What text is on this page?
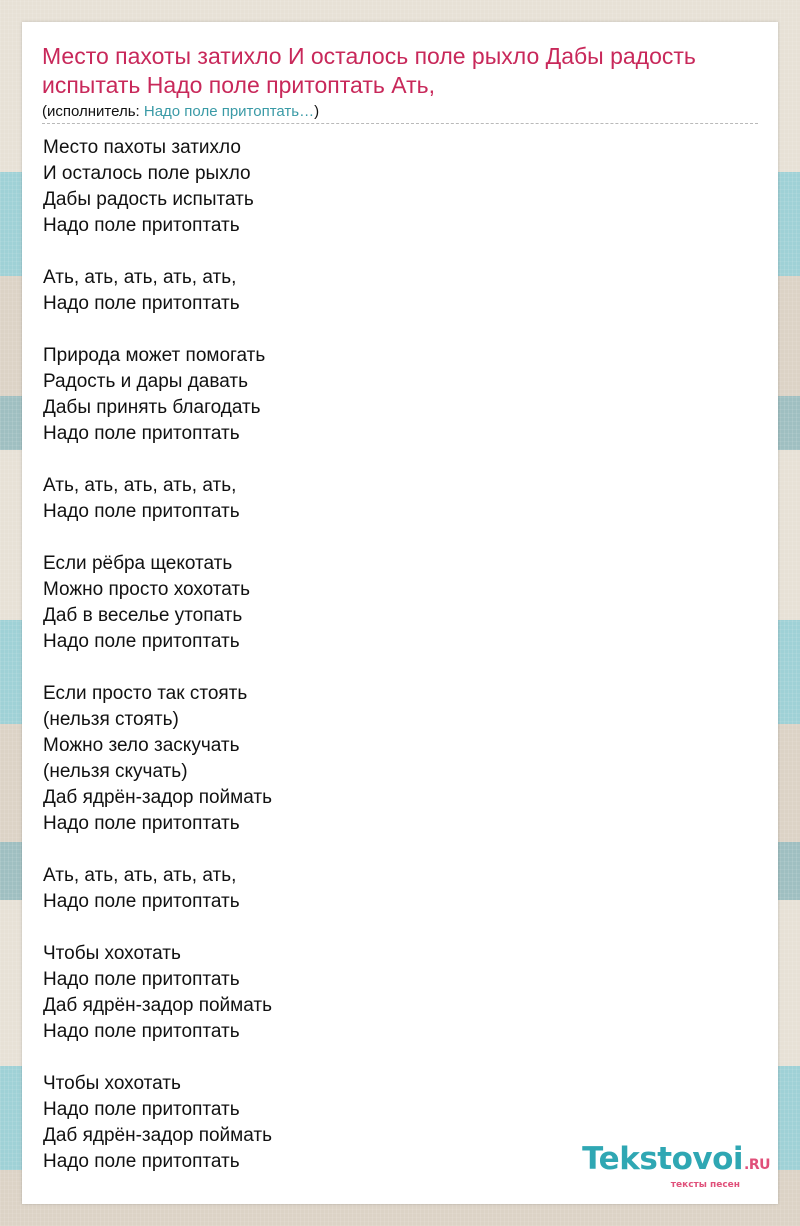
Место пахоты затихло И осталось поле рыхло Дабы радость испытать Надо поле притоптать Ать,
(исполнитель: Надо поле притоптать…)
Место пахоты затихло
И осталось поле рыхло
Дабы радость испытать
Надо поле притоптать
Ать, ать, ать, ать, ать,
Надо поле притоптать
Природа может помогать
Радость и дары давать
Дабы принять благодать
Надо поле притоптать
Ать, ать, ать, ать, ать,
Надо поле притоптать
Если рёбра щекотать
Можно просто хохотать
Даб в веселье утопать
Надо поле притоптать
Если просто так стоять
(нельзя стоять)
Можно зело заскучать
(нельзя скучать)
Даб ядрён-задор поймать
Надо поле притоптать
Ать, ать, ать, ать, ать,
Надо поле притоптать
Чтобы хохотать
Надо поле притоптать
Даб ядрён-задор поймать
Надо поле притоптать
Чтобы хохотать
Надо поле притоптать
Даб ядрён-задор поймать
Надо поле притоптать	Tekstovoi.RU
тексты песен
